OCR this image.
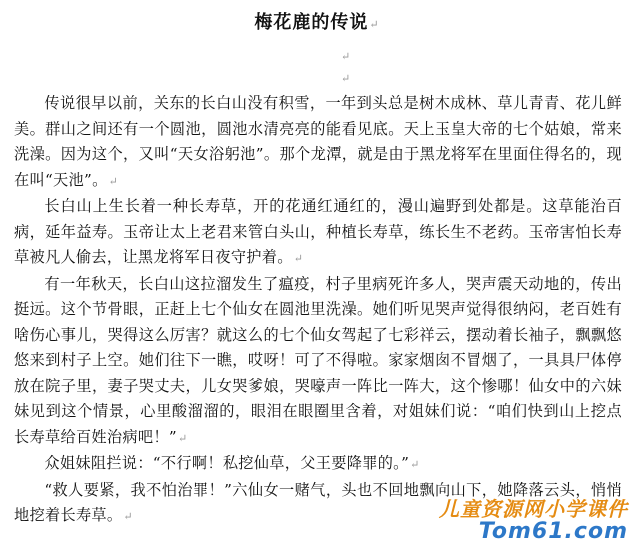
梅花鹿的传说↵
↵
↵

传说很早以前，关东的长白山没有积雪，一年到头总是树木成林、草儿青青、花儿鲜美。群山之间还有一个圆池，圆池水清亮亮的能看见底。天上玉皇大帝的七个姑娘，常来洗澡。因为这个，又叫“天女浴躬池”。那个龙潭，就是由于黑龙将军在里面住得名的，现在叫“天池”。↵

长白山上生长着一种长寿草，开的花通红通红的，漫山遍野到处都是。这草能治百病，延年益寿。玉帝让太上老君来管白头山，种植长寿草，练长生不老药。玉帝害怕长寿草被凡人偷去，让黑龙将军日夜守护着。↵

有一年秋天，长白山这拉溜发生了瘟疫，村子里病死许多人，哭声震天动地的，传出挺远。这个节骨眼，正赶上七个仙女在圆池里洗澡。她们听见哭声觉得很纳闷，老百姓有啥伤心事儿，哭得这么厉害？就这么的七个仙女驾起了七彩祥云，摆动着长袖子，飘飘悠悠来到村子上空。她们往下一瞧，哎呀！可了不得啦。家家烟囱不冒烟了，一具具尸体停放在院子里，妻子哭丈夫，儿女哭爹娘，哭嚎声一阵比一阵大，这个惨哪！仙女中的六妹妹见到这个情景，心里酸溜溜的，眼泪在眼圈里含着，对姐妹们说：“咱们快到山上挖点长寿草给百姓治病吧！”↵

众姐妹阻拦说：“不行啊！私挖仙草，父王要降罪的。”↵

“救人要紧，我不怕治罪！”六仙女一赌气，头也不回地飘向山下，她降落云头，悄悄地挖着长寿草。↵	儿童资源网小学课件
Tom61.com
